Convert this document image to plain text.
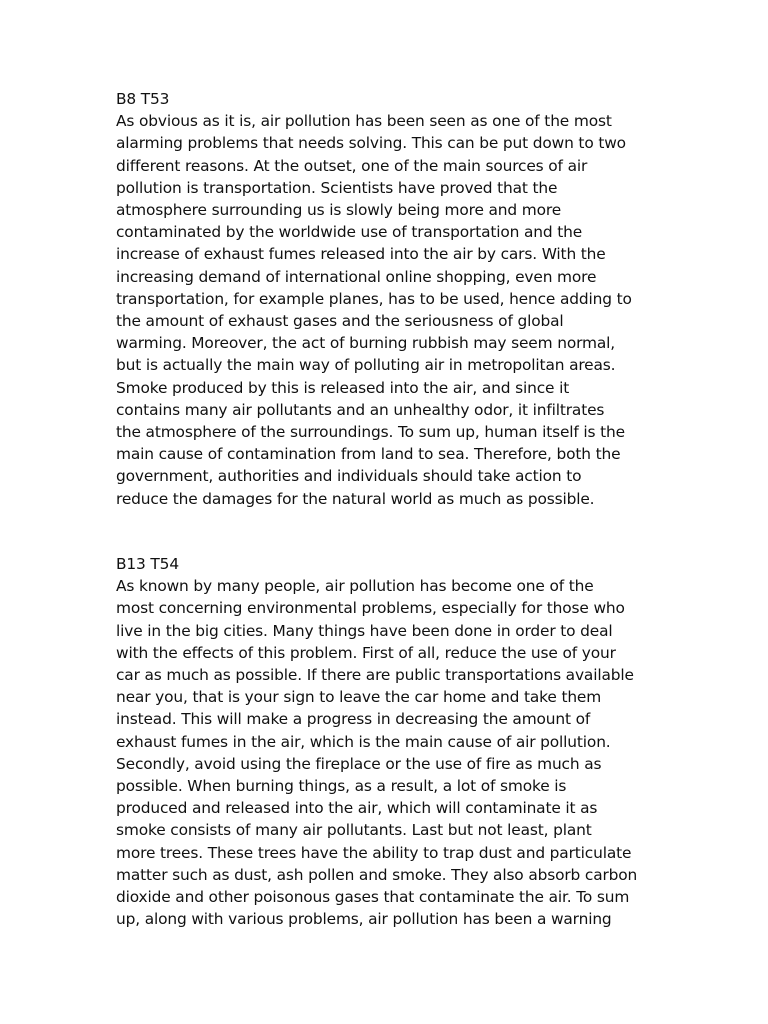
B8 T53
As obvious as it is, air pollution has been seen as one of the most
alarming problems that needs solving. This can be put down to two
different reasons. At the outset, one of the main sources of air
pollution is transportation. Scientists have proved that the
atmosphere surrounding us is slowly being more and more
contaminated by the worldwide use of transportation and the
increase of exhaust fumes released into the air by cars. With the
increasing demand of international online shopping, even more
transportation, for example planes, has to be used, hence adding to
the amount of exhaust gases and the seriousness of global
warming. Moreover, the act of burning rubbish may seem normal,
but is actually the main way of polluting air in metropolitan areas.
Smoke produced by this is released into the air, and since it
contains many air pollutants and an unhealthy odor, it infiltrates
the atmosphere of the surroundings. To sum up, human itself is the
main cause of contamination from land to sea. Therefore, both the
government, authorities and individuals should take action to
reduce the damages for the natural world as much as possible.
B13 T54
As known by many people, air pollution has become one of the
most concerning environmental problems, especially for those who
live in the big cities. Many things have been done in order to deal
with the effects of this problem. First of all, reduce the use of your
car as much as possible. If there are public transportations available
near you, that is your sign to leave the car home and take them
instead. This will make a progress in decreasing the amount of
exhaust fumes in the air, which is the main cause of air pollution.
Secondly, avoid using the fireplace or the use of fire as much as
possible. When burning things, as a result, a lot of smoke is
produced and released into the air, which will contaminate it as
smoke consists of many air pollutants. Last but not least, plant
more trees. These trees have the ability to trap dust and particulate
matter such as dust, ash pollen and smoke. They also absorb carbon
dioxide and other poisonous gases that contaminate the air. To sum
up, along with various problems, air pollution has been a warning
